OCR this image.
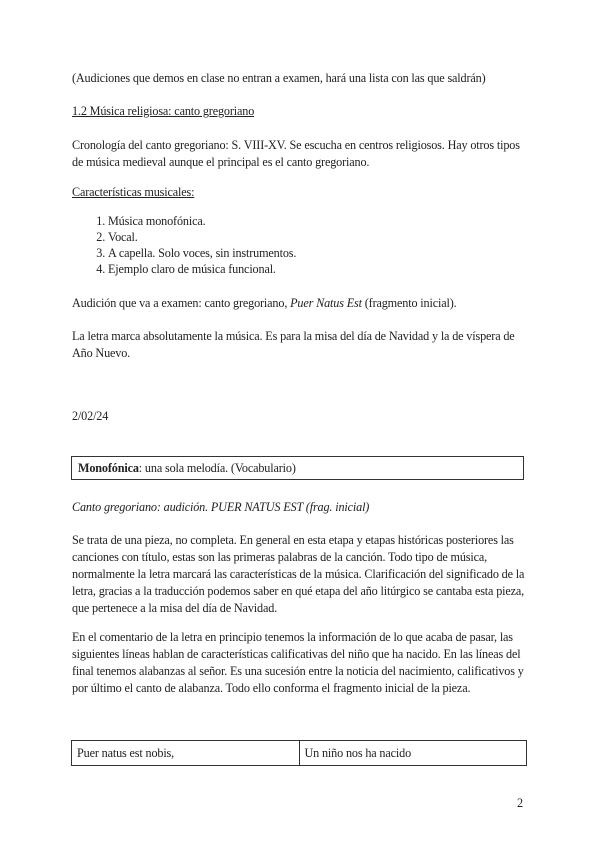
(Audiciones que demos en clase no entran a examen, hará una lista con las que saldrán)

1.2 Música religiosa: canto gregoriano

Cronología del canto gregoriano: S. VIII-XV. Se escucha en centros religiosos. Hay otros tipos de música medieval aunque el principal es el canto gregoriano.

Características musicales:

1. Música monofónica.
2. Vocal.
3. A capella. Solo voces, sin instrumentos.
4. Ejemplo claro de música funcional.

Audición que va a examen: canto gregoriano, Puer Natus Est (fragmento inicial).

La letra marca absolutamente la música. Es para la misa del día de Navidad y la de víspera de Año Nuevo.

2/02/24

Monofónica: una sola melodía. (Vocabulario)

Canto gregoriano: audición. PUER NATUS EST (frag. inicial)

Se trata de una pieza, no completa. En general en esta etapa y etapas históricas posteriores las canciones con título, estas son las primeras palabras de la canción. Todo tipo de música, normalmente la letra marcará las características de la música. Clarificación del significado de la letra, gracias a la traducción podemos saber en qué etapa del año litúrgico se cantaba esta pieza, que pertenece a la misa del día de Navidad.

En el comentario de la letra en principio tenemos la información de lo que acaba de pasar, las siguientes líneas hablan de características calificativas del niño que ha nacido. En las líneas del final tenemos alabanzas al señor. Es una sucesión entre la noticia del nacimiento, calificativos y por último el canto de alabanza. Todo ello conforma el fragmento inicial de la pieza.

Puer natus est nobis,	Un niño nos ha nacido
2
